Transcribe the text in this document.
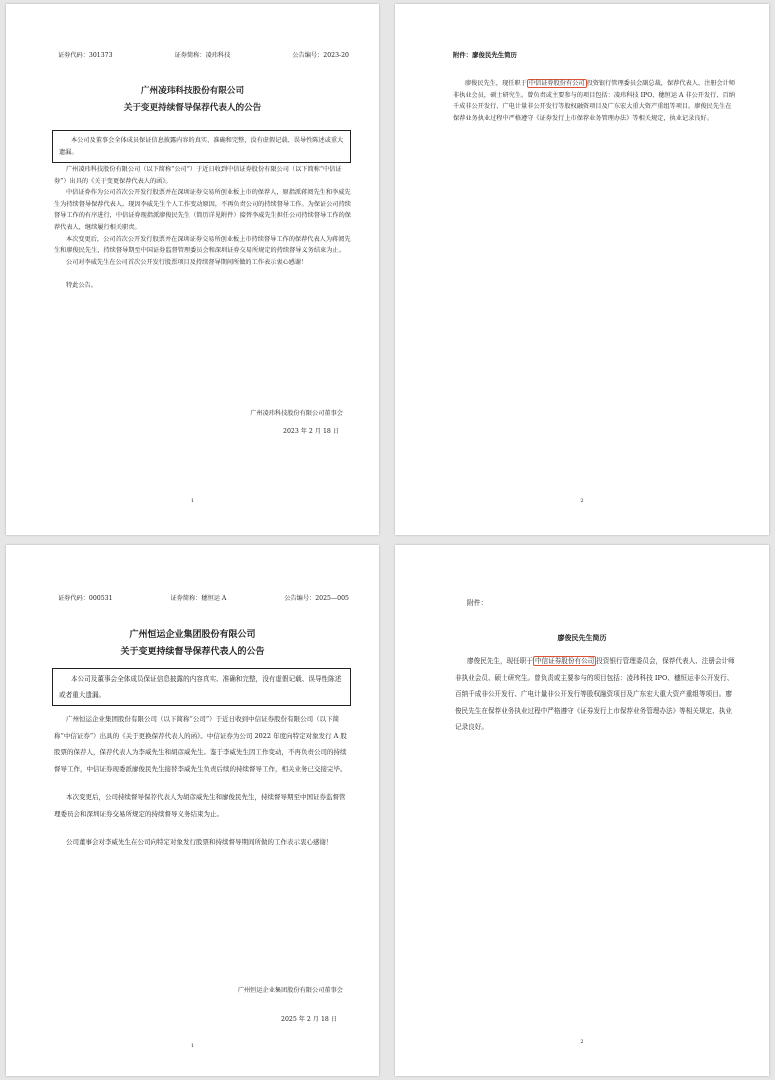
证券代码：301373	证券简称：凌玮科技	公告编号：2023-20
广州凌玮科技股份有限公司
关于变更持续督导保荐代表人的公告
本公司及董事会全体成员保证信息披露内容的真实、准确和完整，没有虚假记载、误导性陈述或重大遗漏。

广州凌玮科技股份有限公司（以下简称“公司”）于近日收到中信证券股份有限公司（以下简称“中信证券”）出具的《关于变更保荐代表人的函》。

中信证券作为公司首次公开发行股票并在深圳证券交易所创业板上市的保荐人，原指派蒋阅先生和李威先生为持续督导保荐代表人。现因李威先生个人工作变动原因，不再负责公司的持续督导工作。为保证公司持续督导工作的有序进行，中信证券现指派廖俊民先生（简历详见附件）接替李威先生担任公司持续督导工作的保荐代表人，继续履行相关职责。

本次变更后，公司首次公开发行股票并在深圳证券交易所创业板上市持续督导工作的保荐代表人为蒋阅先生和廖俊民先生，持续督导期至中国证券监督管理委员会和深圳证券交易所规定的持续督导义务结束为止。

公司对李威先生在公司首次公开发行股票项目及持续督导期间所做的工作表示衷心感谢！

特此公告。

广州凌玮科技股份有限公司董事会
2023 年 2 月 18 日
1
附件：廖俊民先生简历
廖俊民先生，现任职于 中信证券股份有公司 投资银行管理委员会副总裁，保荐代表人、注册会计师非执业会员，硕士研究生。曾负责或主要参与的项目包括：凌玮科技 IPO、穗恒运 A 非公开发行、百纳千成非公开发行、广电计量非公开发行等股权融资项目及广东宏大重大资产重组等项目。廖俊民先生在保荐业务执业过程中严格遵守《证券发行上市保荐业务管理办法》等相关规定，执业记录良好。
2
证券代码：000531	证券简称：穗恒运 A	公告编号：2025—005
广州恒运企业集团股份有限公司
关于变更持续督导保荐代表人的公告
本公司及董事会全体成员保证信息披露的内容真实、准确和完整，没有虚假记载、误导性陈述或者重大遗漏。

广州恒运企业集团股份有限公司（以下简称“公司”）于近日收到中信证券股份有限公司（以下简称“中信证券”）出具的《关于更换保荐代表人的函》。中信证券为公司 2022 年度向特定对象发行 A 股股票的保荐人，保荐代表人为李威先生和胡彦威先生。鉴于李威先生因工作变动，不再负责公司的持续督导工作，中信证券现委派廖俊民先生接替李威先生负责后续的持续督导工作，相关业务已交接完毕。

本次变更后，公司持续督导保荐代表人为胡彦威先生和廖俊民先生，持续督导期至中国证券监督管理委员会和深圳证券交易所规定的持续督导义务结束为止。

公司董事会对李威先生在公司向特定对象发行股票和持续督导期间所做的工作表示衷心感谢！

广州恒运企业集团股份有限公司董事会
2025 年 2 月 18 日
1
附件：
廖俊民先生简历
廖俊民先生，现任职于 中信证券股份有公司 投资银行管理委员会，保荐代表人、注册会计师非执业会员、硕士研究生。曾负责或主要参与的项目包括：凌玮科技 IPO、穗恒运非公开发行、百纳千成非公开发行、广电计量非公开发行等股权融资项目及广东宏大重大资产重组等项目。廖俊民先生在保荐业务执业过程中严格遵守《证券发行上市保荐业务管理办法》等相关规定、执业记录良好。
2
